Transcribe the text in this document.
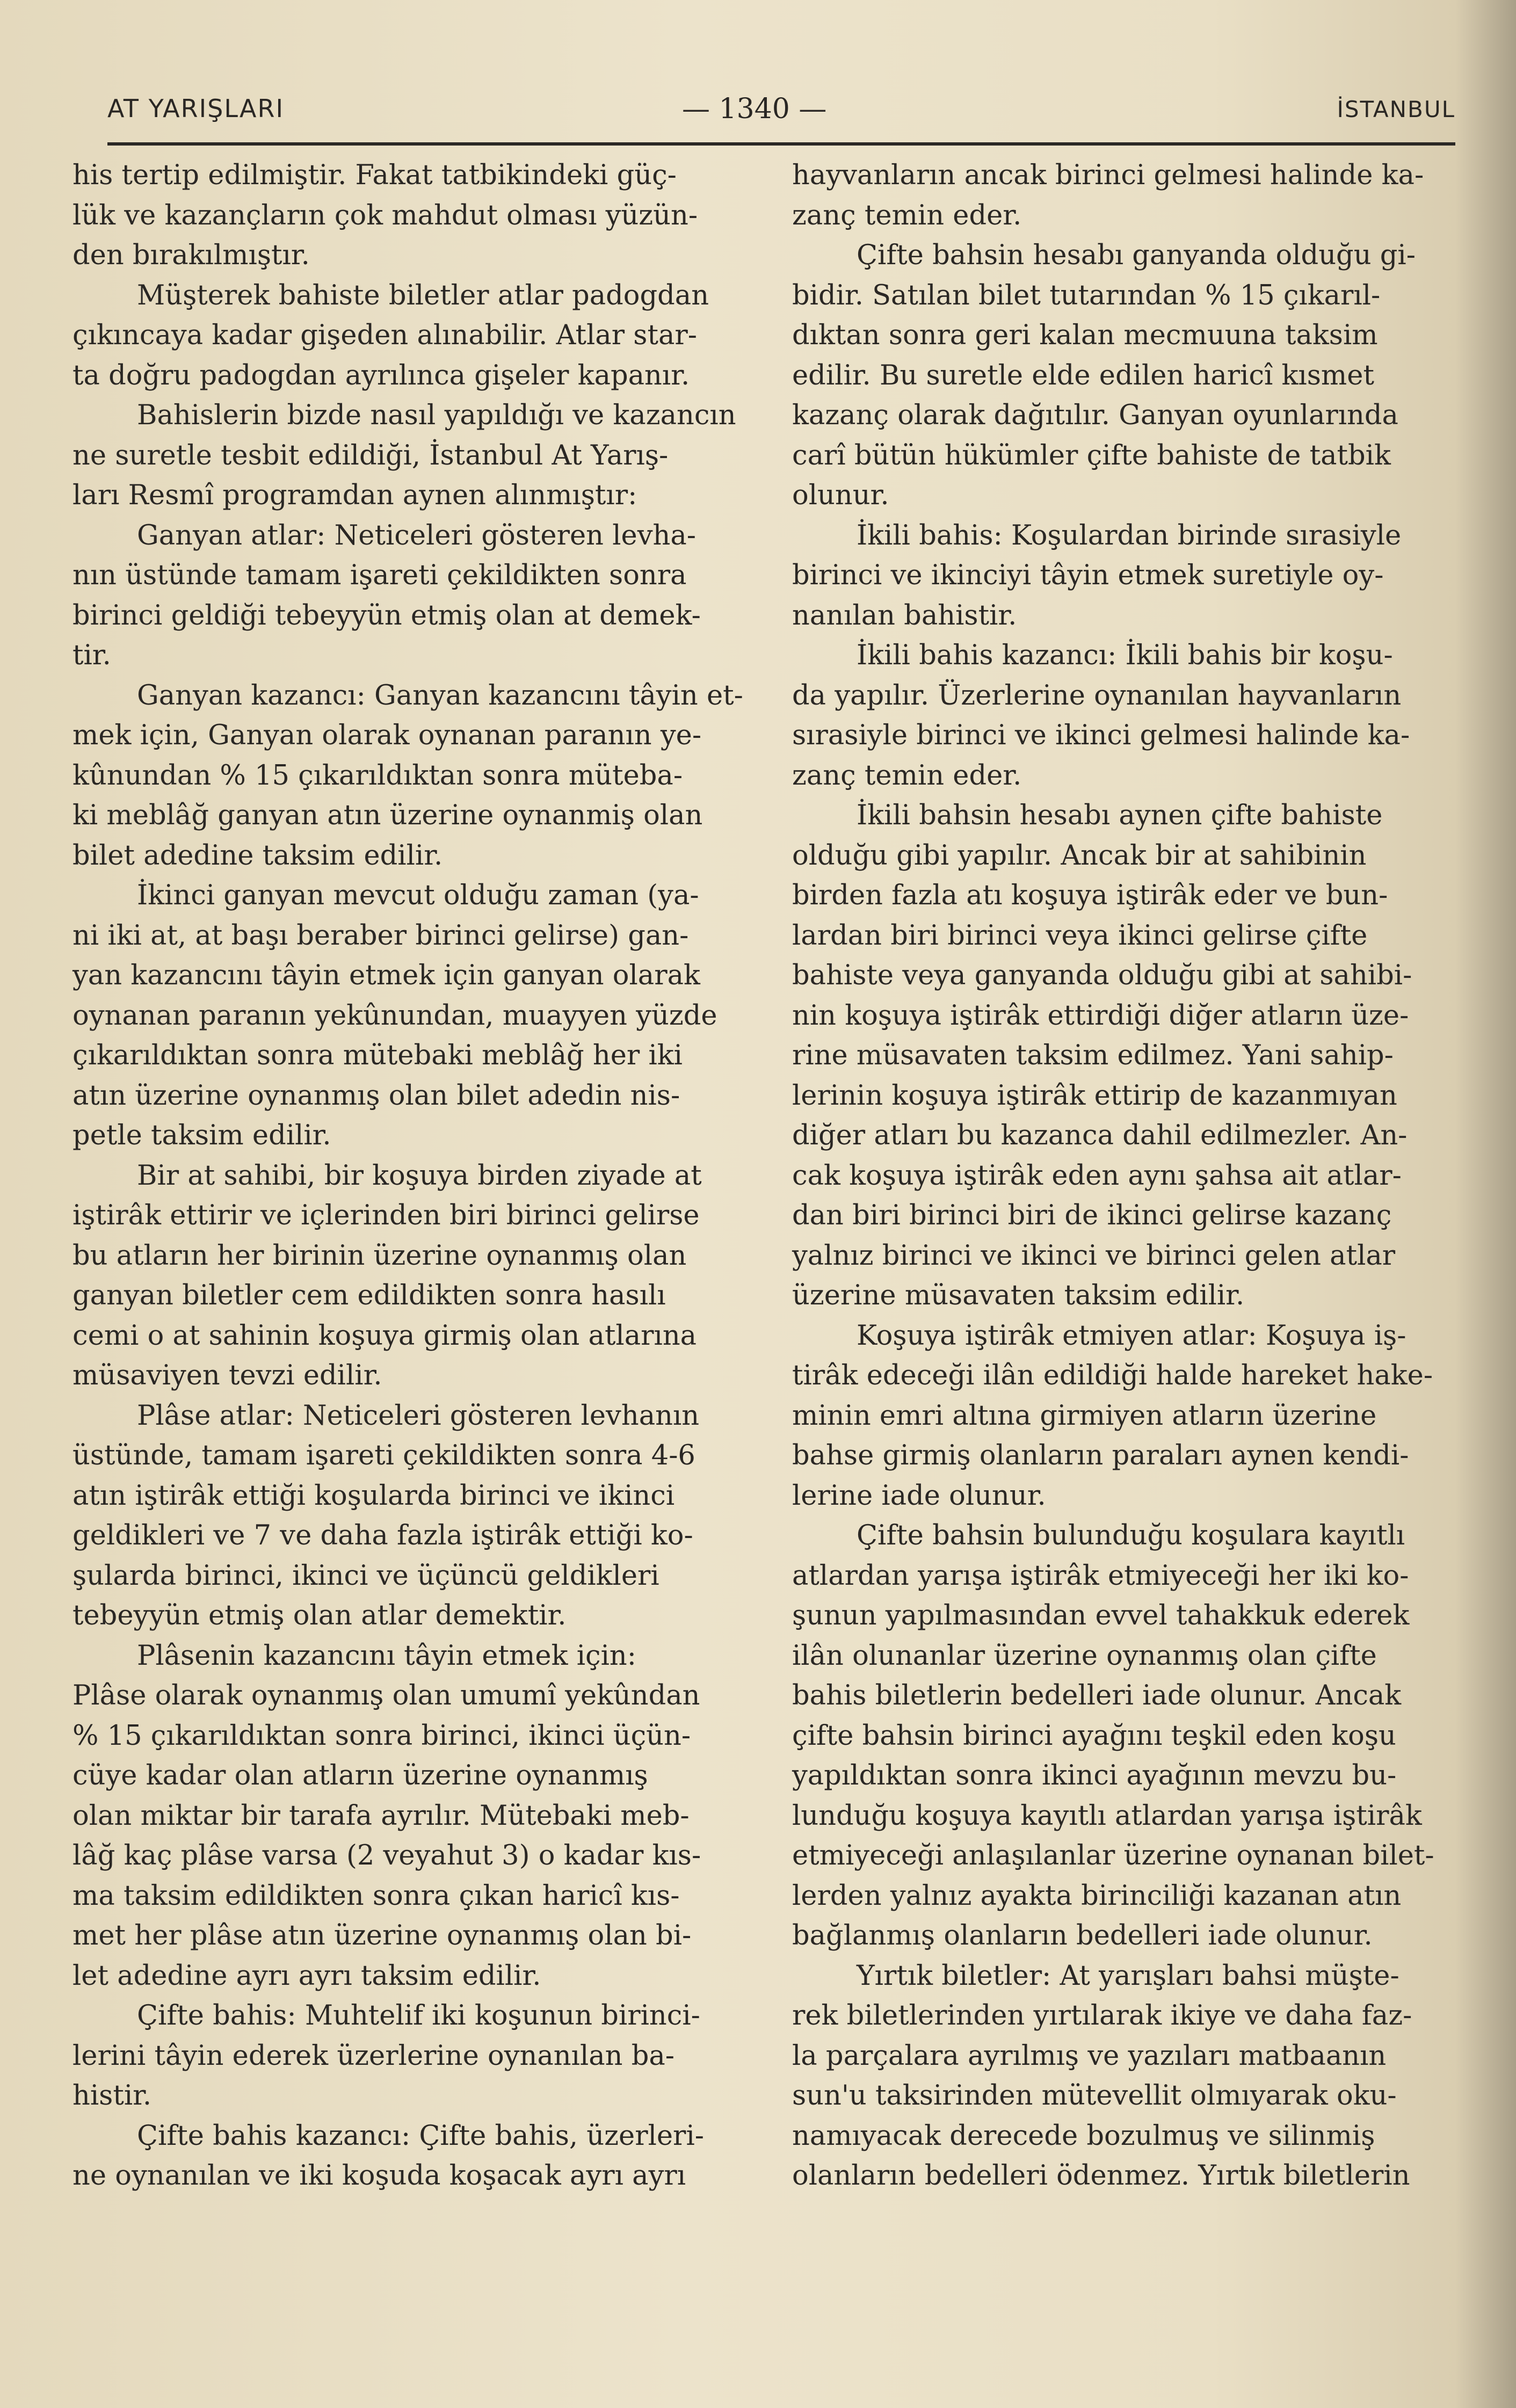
AT YARIŞLARI	— 1340 —	İSTANBUL
his tertip edilmiştir. Fakat tatbikindeki güç-
lük ve kazançların çok mahdut olması yüzün-
den bırakılmıştır.
Müşterek bahiste biletler atlar padogdan
çıkıncaya kadar gişeden alınabilir. Atlar star-
ta doğru padogdan ayrılınca gişeler kapanır.
Bahislerin bizde nasıl yapıldığı ve kazancın
ne suretle tesbit edildiği, İstanbul At Yarış-
ları Resmî programdan aynen alınmıştır:
Ganyan atlar: Neticeleri gösteren levha-
nın üstünde tamam işareti çekildikten sonra
birinci geldiği tebeyyün etmiş olan at demek-
tir.
Ganyan kazancı: Ganyan kazancını tâyin et-
mek için, Ganyan olarak oynanan paranın ye-
kûnundan % 15 çıkarıldıktan sonra müteba-
ki meblâğ ganyan atın üzerine oynanmiş olan
bilet adedine taksim edilir.
İkinci ganyan mevcut olduğu zaman (ya-
ni iki at, at başı beraber birinci gelirse) gan-
yan kazancını tâyin etmek için ganyan olarak
oynanan paranın yekûnundan, muayyen yüzde
çıkarıldıktan sonra mütebaki meblâğ her iki
atın üzerine oynanmış olan bilet adedin nis-
petle taksim edilir.
Bir at sahibi, bir koşuya birden ziyade at
iştirâk ettirir ve içlerinden biri birinci gelirse
bu atların her birinin üzerine oynanmış olan
ganyan biletler cem edildikten sonra hasılı
cemi o at sahinin koşuya girmiş olan atlarına
müsaviyen tevzi edilir.
Plâse atlar: Neticeleri gösteren levhanın
üstünde, tamam işareti çekildikten sonra 4-6
atın iştirâk ettiği koşularda birinci ve ikinci
geldikleri ve 7 ve daha fazla iştirâk ettiği ko-
şularda birinci, ikinci ve üçüncü geldikleri
tebeyyün etmiş olan atlar demektir.
Plâsenin kazancını tâyin etmek için:
Plâse olarak oynanmış olan umumî yekûndan
% 15 çıkarıldıktan sonra birinci, ikinci üçün-
cüye kadar olan atların üzerine oynanmış
olan miktar bir tarafa ayrılır. Mütebaki meb-
lâğ kaç plâse varsa (2 veyahut 3) o kadar kıs-
ma taksim edildikten sonra çıkan haricî kıs-
met her plâse atın üzerine oynanmış olan bi-
let adedine ayrı ayrı taksim edilir.
Çifte bahis: Muhtelif iki koşunun birinci-
lerini tâyin ederek üzerlerine oynanılan ba-
histir.
Çifte bahis kazancı: Çifte bahis, üzerleri-
ne oynanılan ve iki koşuda koşacak ayrı ayrı
hayvanların ancak birinci gelmesi halinde ka-
zanç temin eder.
Çifte bahsin hesabı ganyanda olduğu gi-
bidir. Satılan bilet tutarından % 15 çıkarıl-
dıktan sonra geri kalan mecmuuna taksim
edilir. Bu suretle elde edilen haricî kısmet
kazanç olarak dağıtılır. Ganyan oyunlarında
carî bütün hükümler çifte bahiste de tatbik
olunur.
İkili bahis: Koşulardan birinde sırasiyle
birinci ve ikinciyi tâyin etmek suretiyle oy-
nanılan bahistir.
İkili bahis kazancı: İkili bahis bir koşu-
da yapılır. Üzerlerine oynanılan hayvanların
sırasiyle birinci ve ikinci gelmesi halinde ka-
zanç temin eder.
İkili bahsin hesabı aynen çifte bahiste
olduğu gibi yapılır. Ancak bir at sahibinin
birden fazla atı koşuya iştirâk eder ve bun-
lardan biri birinci veya ikinci gelirse çifte
bahiste veya ganyanda olduğu gibi at sahibi-
nin koşuya iştirâk ettirdiği diğer atların üze-
rine müsavaten taksim edilmez. Yani sahip-
lerinin koşuya iştirâk ettirip de kazanmıyan
diğer atları bu kazanca dahil edilmezler. An-
cak koşuya iştirâk eden aynı şahsa ait atlar-
dan biri birinci biri de ikinci gelirse kazanç
yalnız birinci ve ikinci ve birinci gelen atlar
üzerine müsavaten taksim edilir.
Koşuya iştirâk etmiyen atlar: Koşuya iş-
tirâk edeceği ilân edildiği halde hareket hake-
minin emri altına girmiyen atların üzerine
bahse girmiş olanların paraları aynen kendi-
lerine iade olunur.
Çifte bahsin bulunduğu koşulara kayıtlı
atlardan yarışa iştirâk etmiyeceği her iki ko-
şunun yapılmasından evvel tahakkuk ederek
ilân olunanlar üzerine oynanmış olan çifte
bahis biletlerin bedelleri iade olunur. Ancak
çifte bahsin birinci ayağını teşkil eden koşu
yapıldıktan sonra ikinci ayağının mevzu bu-
lunduğu koşuya kayıtlı atlardan yarışa iştirâk
etmiyeceği anlaşılanlar üzerine oynanan bilet-
lerden yalnız ayakta birinciliği kazanan atın
bağlanmış olanların bedelleri iade olunur.
Yırtık biletler: At yarışları bahsi müşte-
rek biletlerinden yırtılarak ikiye ve daha faz-
la parçalara ayrılmış ve yazıları matbaanın
sun'u taksirinden mütevellit olmıyarak oku-
namıyacak derecede bozulmuş ve silinmiş
olanların bedelleri ödenmez. Yırtık biletlerin
